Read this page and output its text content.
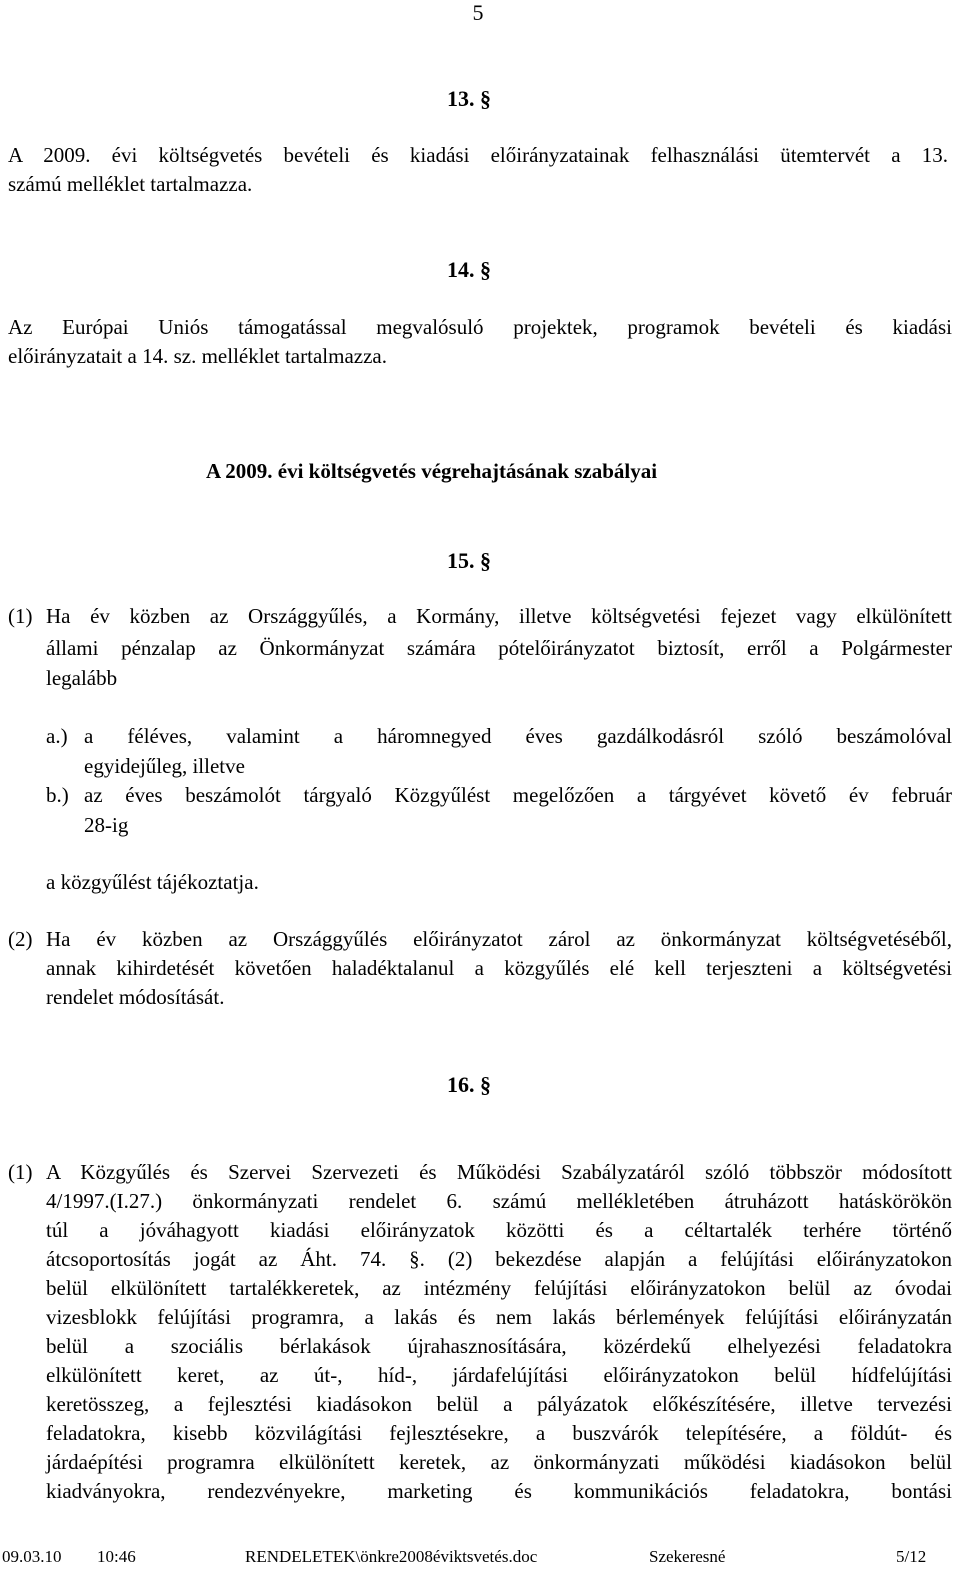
5
13. §
A 2009. évi költségvetés bevételi és kiadási előirányzatainak felhasználási ütemtervét a 13.
számú melléklet tartalmazza.
14. §
Az Európai Uniós támogatással megvalósuló projektek, programok bevételi és kiadási
előirányzatait a 14. sz. melléklet tartalmazza.
A 2009. évi költségvetés végrehajtásának szabályai
15. §
(1) Ha év közben az Országgyűlés, a Kormány, illetve költségvetési fejezet vagy elkülönített
állami pénzalap az Önkormányzat számára pótelőirányzatot biztosít, erről a Polgármester
legalább
a.) a féléves, valamint a háromnegyed éves gazdálkodásról szóló beszámolóval
egyidejűleg, illetve
b.) az éves beszámolót tárgyaló Közgyűlést megelőzően a tárgyévet követő év február
28-ig
a közgyűlést tájékoztatja.
(2) Ha év közben az Országgyűlés előirányzatot zárol az önkormányzat költségvetéséből,
annak kihirdetését követően haladéktalanul a közgyűlés elé kell terjeszteni a költségvetési
rendelet módosítását.
16. §
(1) A Közgyűlés és Szervei Szervezeti és Működési Szabályzatáról szóló többször módosított
4/1997.(I.27.) önkormányzati rendelet 6. számú mellékletében átruházott hatáskörökön
túl a jóváhagyott kiadási előirányzatok közötti és a céltartalék terhére történő
átcsoportosítás jogát az Áht. 74. §. (2) bekezdése alapján a felújítási előirányzatokon
belül elkülönített tartalékkeretek, az intézmény felújítási előirányzatokon belül az óvodai
vizesblokk felújítási programra, a lakás és nem lakás bérlemények felújítási előirányzatán
belül a szociális bérlakások újrahasznosítására, közérdekű elhelyezési feladatokra
elkülönített keret, az út-, híd-, járdafelújítási előirányzatokon belül hídfelújítási
keretösszeg, a fejlesztési kiadásokon belül a pályázatok előkészítésére, illetve tervezési
feladatokra, kisebb közvilágítási fejlesztésekre, a buszvárók telepítésére, a földút- és
járdaépítési programra elkülönített keretek, az önkormányzati működési kiadásokon belül
kiadványokra, rendezvényekre, marketing és kommunikációs feladatokra, bontási
09.03.10 10:46	RENDELETEK\önkre2008éviktsvetés.doc	Szekeresné	5/12
